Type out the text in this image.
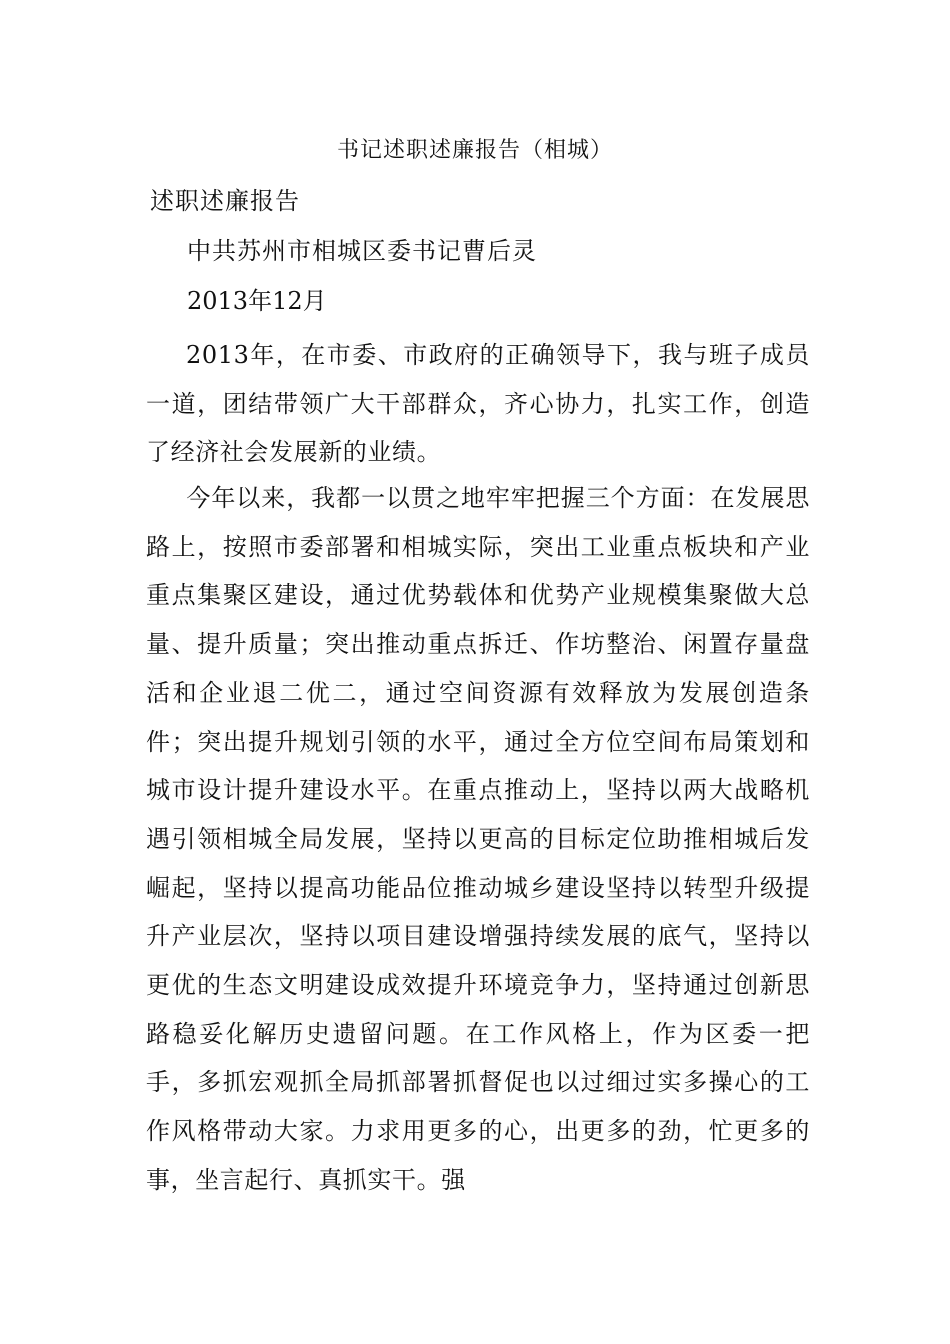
书记述职述廉报告（相城）
述职述廉报告
中共苏州市相城区委书记曹后灵
2013年12月

2013年，在市委、市政府的正确领导下，我与班子成员一道，团结带领广大干部群众，齐心协力，扎实工作，创造了经济社会发展新的业绩。

今年以来，我都一以贯之地牢牢把握三个方面：在发展思路上，按照市委部署和相城实际，突出工业重点板块和产业重点集聚区建设，通过优势载体和优势产业规模集聚做大总量、提升质量；突出推动重点拆迁、作坊整治、闲置存量盘活和企业退二优二，通过空间资源有效释放为发展创造条件；突出提升规划引领的水平，通过全方位空间布局策划和城市设计提升建设水平。在重点推动上，坚持以两大战略机遇引领相城全局发展，坚持以更高的目标定位助推相城后发崛起，坚持以提高功能品位推动城乡建设坚持以转型升级提升产业层次，坚持以项目建设增强持续发展的底气，坚持以更优的生态文明建设成效提升环境竞争力，坚持通过创新思路稳妥化解历史遗留问题。在工作风格上，作为区委一把手，多抓宏观抓全局抓部署抓督促也以过细过实多操心的工作风格带动大家。力求用更多的心，出更多的劲，忙更多的事，坐言起行、真抓实干。强
